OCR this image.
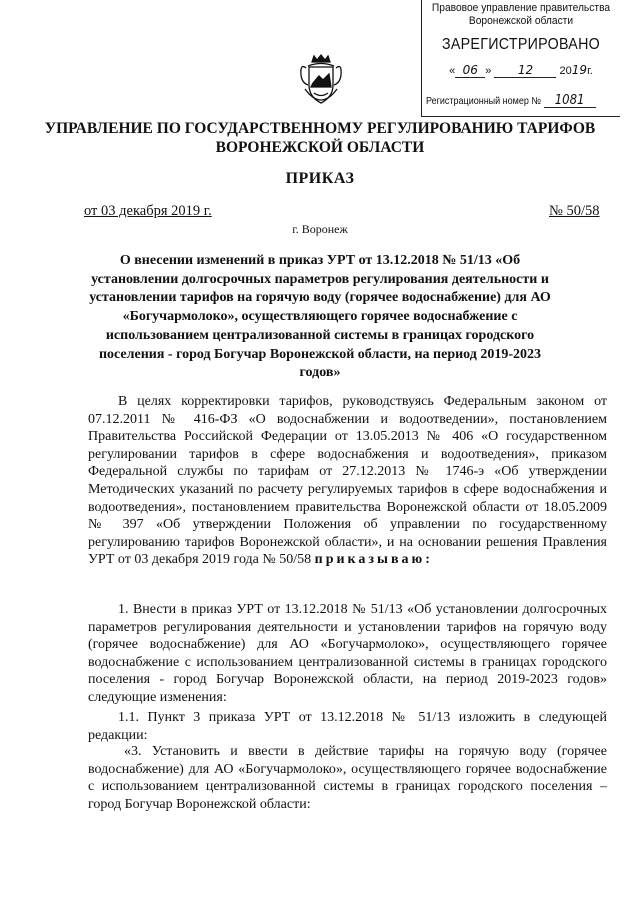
Правовое управление правительства
Воронежской области
ЗАРЕГИСТРИРОВАНО
« 06 » 12 2019г.
Регистрационный номер № 1081
УПРАВЛЕНИЕ ПО ГОСУДАРСТВЕННОМУ РЕГУЛИРОВАНИЮ ТАРИФОВ ВОРОНЕЖСКОЙ ОБЛАСТИ
ПРИКАЗ
от 03 декабря 2019 г.	№ 50/58
г. Воронеж
О внесении изменений в приказ УРТ от 13.12.2018 № 51/13 «Об установлении долгосрочных параметров регулирования деятельности и установлении тарифов на горячую воду (горячее водоснабжение) для АО «Богучармолоко», осуществляющего горячее водоснабжение с использованием централизованной системы в границах городского поселения - город Богучар Воронежской области, на период 2019-2023 годов»
В целях корректировки тарифов, руководствуясь Федеральным законом от 07.12.2011 № 416-ФЗ «О водоснабжении и водоотведении», постановлением Правительства Российской Федерации от 13.05.2013 № 406 «О государственном регулировании тарифов в сфере водоснабжения и водоотведения», приказом Федеральной службы по тарифам от 27.12.2013 № 1746-э «Об утверждении Методических указаний по расчету регулируемых тарифов в сфере водоснабжения и водоотведения», постановлением правительства Воронежской области от 18.05.2009 № 397 «Об утверждении Положения об управлении по государственному регулированию тарифов Воронежской области», и на основании решения Правления УРТ от 03 декабря 2019 года № 50/58 приказываю:
1. Внести в приказ УРТ от 13.12.2018 № 51/13 «Об установлении долгосрочных параметров регулирования деятельности и установлении тарифов на горячую воду (горячее водоснабжение) для АО «Богучармолоко», осуществляющего горячее водоснабжение с использованием централизованной системы в границах городского поселения - город Богучар Воронежской области, на период 2019-2023 годов» следующие изменения:
1.1. Пункт 3 приказа УРТ от 13.12.2018 № 51/13 изложить в следующей редакции:
«3. Установить и ввести в действие тарифы на горячую воду (горячее водоснабжение) для АО «Богучармолоко», осуществляющего горячее водоснабжение с использованием централизованной системы в границах городского поселения – город Богучар Воронежской области:
